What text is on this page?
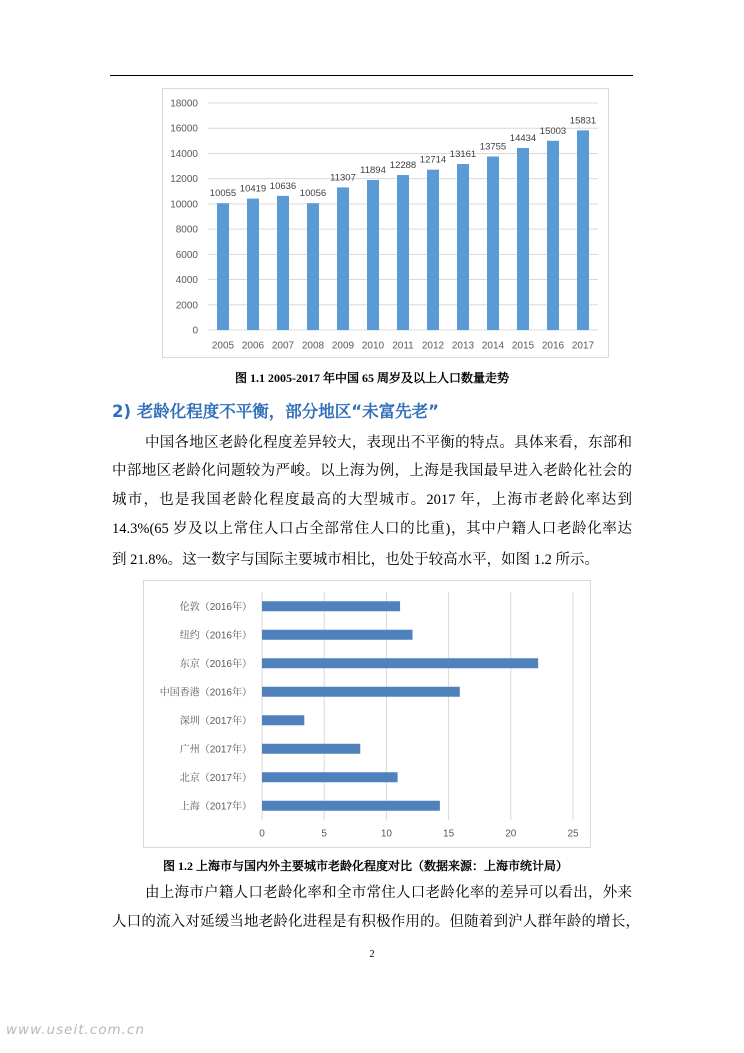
0
2000
4000
6000
8000
10000
12000
14000
16000
18000
10055
2005
10419
2006
10636
2007
10056
2008
11307
2009
11894
2010
12288
2011
12714
2012
13161
2013
13755
2014
14434
2015
15003
2016
15831
2017
图 1.1 2005-2017 年中国 65 周岁及以上人口数量走势
2) 老龄化程度不平衡，部分地区“未富先老”
中国各地区老龄化程度差异较大，表现出不平衡的特点。具体来看，东部和
中部地区老龄化问题较为严峻。以上海为例，上海是我国最早进入老龄化社会的
城市，也是我国老龄化程度最高的大型城市。2017 年，上海市老龄化率达到
14.3%(65 岁及以上常住人口占全部常住人口的比重)，其中户籍人口老龄化率达
到 21.8%。这一数字与国际主要城市相比，也处于较高水平，如图 1.2 所示。
0	5	10	15	20	25
伦敦（2016年）
纽约（2016年）
东京（2016年）
中国香港（2016年）
深圳（2017年）
广州（2017年）
北京（2017年）
上海（2017年）
图 1.2 上海市与国内外主要城市老龄化程度对比（数据来源：上海市统计局）
由上海市户籍人口老龄化率和全市常住人口老龄化率的差异可以看出，外来
人口的流入对延缓当地老龄化进程是有积极作用的。但随着到沪人群年龄的增长，
2
www.useit.com.cn
